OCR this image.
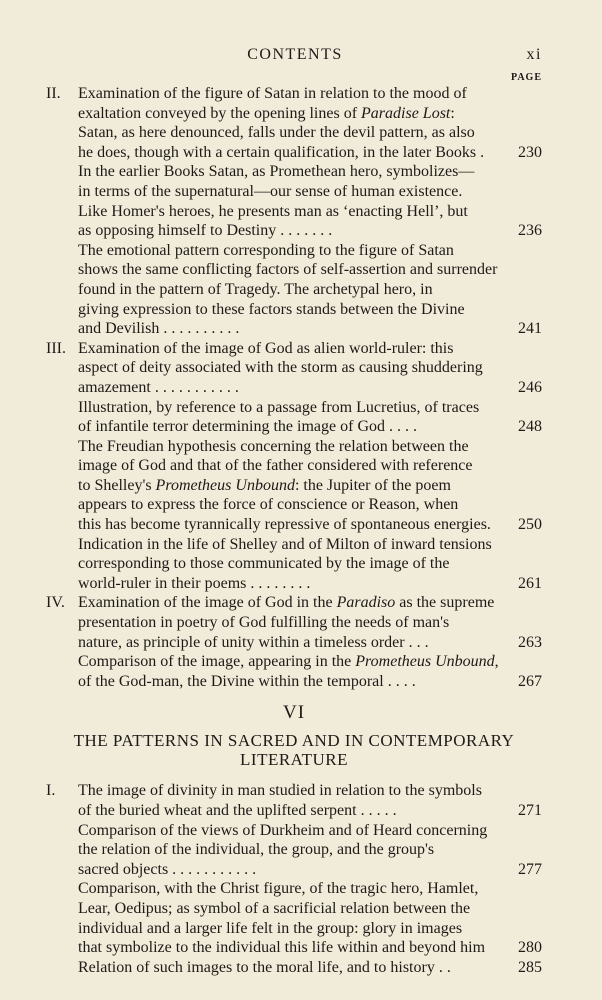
CONTENTS	xi
PAGE
II. Examination of the figure of Satan in relation to the mood of
exaltation conveyed by the opening lines of Paradise Lost:
Satan, as here denounced, falls under the devil pattern, as also
he does, though with a certain qualification, in the later Books .	230
In the earlier Books Satan, as Promethean hero, symbolizes—
in terms of the supernatural—our sense of human existence.
Like Homer's heroes, he presents man as ‘enacting Hell’, but
as opposing himself to Destiny . . . . . . .	236
The emotional pattern corresponding to the figure of Satan
shows the same conflicting factors of self-assertion and surrender
found in the pattern of Tragedy. The archetypal hero, in
giving expression to these factors stands between the Divine
and Devilish . . . . . . . . . .	241
III. Examination of the image of God as alien world-ruler: this
aspect of deity associated with the storm as causing shuddering
amazement . . . . . . . . . . .	246
Illustration, by reference to a passage from Lucretius, of traces
of infantile terror determining the image of God . . . .	248
The Freudian hypothesis concerning the relation between the
image of God and that of the father considered with reference
to Shelley's Prometheus Unbound: the Jupiter of the poem
appears to express the force of conscience or Reason, when
this has become tyrannically repressive of spontaneous energies.	250
Indication in the life of Shelley and of Milton of inward tensions
corresponding to those communicated by the image of the
world-ruler in their poems . . . . . . . .	261
IV. Examination of the image of God in the Paradiso as the supreme
presentation in poetry of God fulfilling the needs of man's
nature, as principle of unity within a timeless order . . .	263
Comparison of the image, appearing in the Prometheus Unbound,
of the God-man, the Divine within the temporal . . . .	267
VI
THE PATTERNS IN SACRED AND IN CONTEMPORARY
LITERATURE
I. The image of divinity in man studied in relation to the symbols
of the buried wheat and the uplifted serpent . . . . .	271
Comparison of the views of Durkheim and of Heard concerning
the relation of the individual, the group, and the group's
sacred objects . . . . . . . . . . .	277
Comparison, with the Christ figure, of the tragic hero, Hamlet,
Lear, Oedipus; as symbol of a sacrificial relation between the
individual and a larger life felt in the group: glory in images
that symbolize to the individual this life within and beyond him	280
Relation of such images to the moral life, and to history . .	285
